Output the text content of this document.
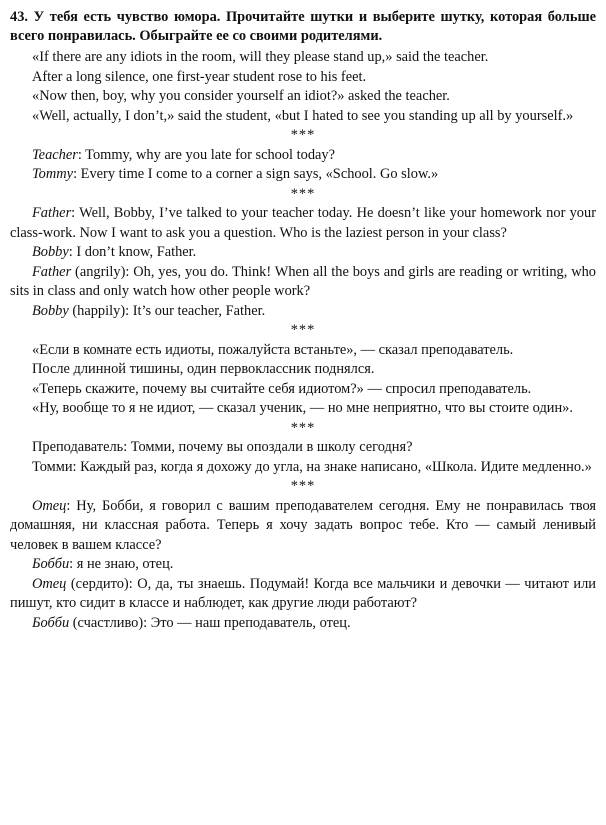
43. У тебя есть чувство юмора. Прочитайте шутки и выберите шутку, которая больше всего понравилась. Обыграйте ее со своими родителями.

«If there are any idiots in the room, will they please stand up,» said the teacher.

After a long silence, one first-year student rose to his feet.

«Now then, boy, why you consider yourself an idiot?» asked the teacher.

«Well, actually, I don’t,» said the student, «but I hated to see you standing up all by yourself.»

***

Teacher: Tommy, why are you late for school today?

Tommy: Every time I come to a corner a sign says, «School. Go slow.»

***

Father: Well, Bobby, I’ve talked to your teacher today. He doesn’t like your homework nor your class-work. Now I want to ask you a question. Who is the laziest person in your class?

Bobby: I don’t know, Father.

Father (angrily): Oh, yes, you do. Think! When all the boys and girls are reading or writing, who sits in class and only watch how other people work?

Bobby (happily): It’s our teacher, Father.

***

«Если в комнате есть идиоты, пожалуйста встаньте», — сказал преподаватель.

После длинной тишины, один первоклассник поднялся.

«Теперь скажите, почему вы считайте себя идиотом?» — спросил преподаватель.

«Ну, вообще то я не идиот, — сказал ученик, — но мне неприятно, что вы стоите один».

***

Преподаватель: Томми, почему вы опоздали в школу сегодня?

Томми: Каждый раз, когда я дохожу до угла, на знаке написано, «Школа. Идите медленно.»

***

Отец: Ну, Бобби, я говорил с вашим преподавателем сегодня. Ему не понравилась твоя домашняя, ни классная работа. Теперь я хочу задать вопрос тебе. Кто — самый ленивый человек в вашем классе?

Бобби: я не знаю, отец.

Отец (сердито): О, да, ты знаешь. Подумай! Когда все мальчики и девочки — читают или пишут, кто сидит в классе и наблюдет, как другие люди работают?

Бобби (счастливо): Это — наш преподаватель, отец.
